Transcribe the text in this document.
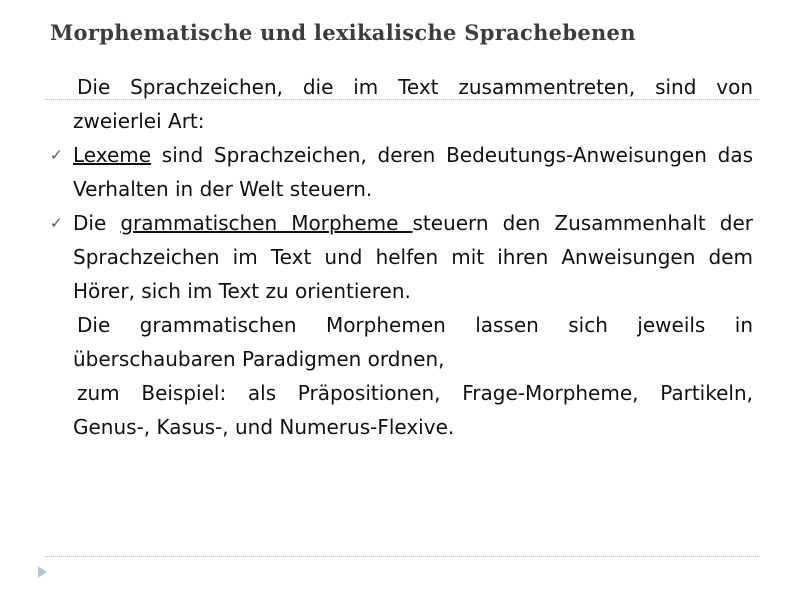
Morphematische und lexikalische Sprachebenen

Die Sprachzeichen, die im Text zusammentreten, sind von zweierlei Art:

✓ Lexeme sind Sprachzeichen, deren Bedeutungs-Anweisungen das Verhalten in der Welt steuern.

✓ Die grammatischen Morpheme steuern den Zusammenhalt der Sprachzeichen im Text und helfen mit ihren Anweisungen dem Hörer, sich im Text zu orientieren.

Die grammatischen Morphemen lassen sich jeweils in überschaubaren Paradigmen ordnen,

zum Beispiel: als Präpositionen, Frage-Morpheme, Partikeln, Genus-, Kasus-, und Numerus-Flexive.
